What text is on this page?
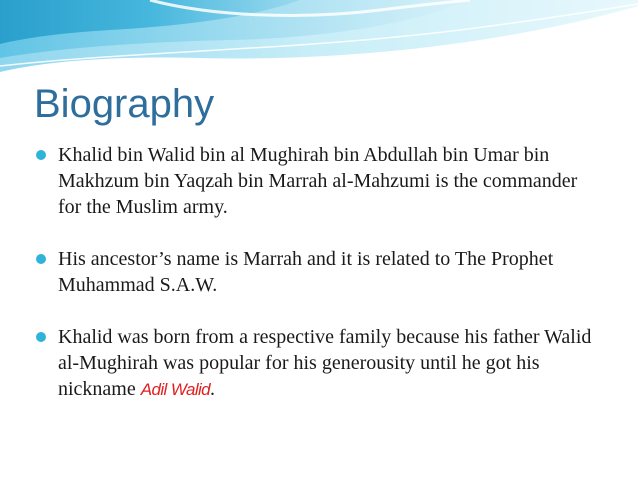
Biography
Khalid bin Walid bin al Mughirah bin Abdullah bin Umar bin Makhzum bin Yaqzah bin Marrah al-Mahzumi is the commander for the Muslim army.
His ancestor’s name is Marrah and it is related to The Prophet Muhammad S.A.W.
Khalid was born from a respective family because his father Walid al-Mughirah was popular for his generousity until he got his nickname Adil Walid.
